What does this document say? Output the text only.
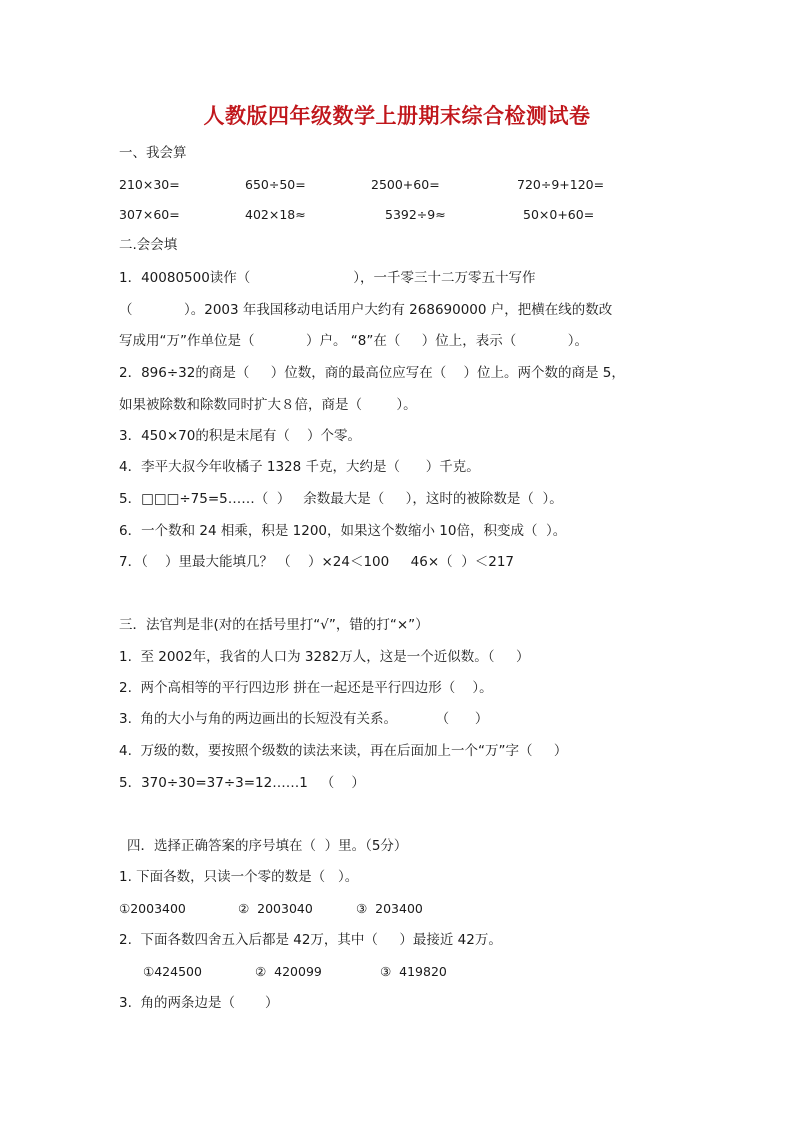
人教版四年级数学上册期末综合检测试卷
一、我会算
210×30=	650÷50=	2500+60=	720÷9+120=
307×60=	402×18≈	5392÷9≈	50×0+60=
二.会会填
1．40080500读作（                        ），一千零三十二万零五十写作
（            ）。2003 年我国移动电话用户大约有 268690000 户，把横在线的数改
写成用“万”作单位是（            ）户。 “8”在（     ）位上，表示（            ）。
2．896÷32的商是（     ）位数，商的最高位应写在（    ）位上。两个数的商是 5，
如果被除数和除数同时扩大８倍，商是（        ）。
3．450×70的积是末尾有（    ）个零。
4．李平大叔今年收橘子 1328 千克，大约是（      ）千克。
5．□□□÷75=5……（  ）   余数最大是（     ），这时的被除数是（  ）。
6．一个数和 24 相乘，积是 1200，如果这个数缩小 10倍，积变成（  ）。
7．（    ）里最大能填几？ （    ）×24＜100     46×（  ）＜217
三．法官判是非(对的在括号里打“√”，错的打“×”）
1.  至 2002年，我省的人口为 3282万人，这是一个近似数。（     ）
2.  两个高相等的平行四边形 拼在一起还是平行四边形（    ）。
3.  角的大小与角的两边画出的长短没有关系。         （      ）
4.  万级的数，要按照个级数的读法来读，再在后面加上一个“万”字（     ）
5．370÷30=37÷3=12……1   （    ）
四．选择正确答案的序号填在（  ）里。（5分）
1. 下面各数，只读一个零的数是（   ）。
①2003400	②  2003040	③  203400
2.  下面各数四舍五入后都是 42万，其中（     ）最接近 42万。
①424500	②  420099	③  419820
3.  角的两条边是（       ）
